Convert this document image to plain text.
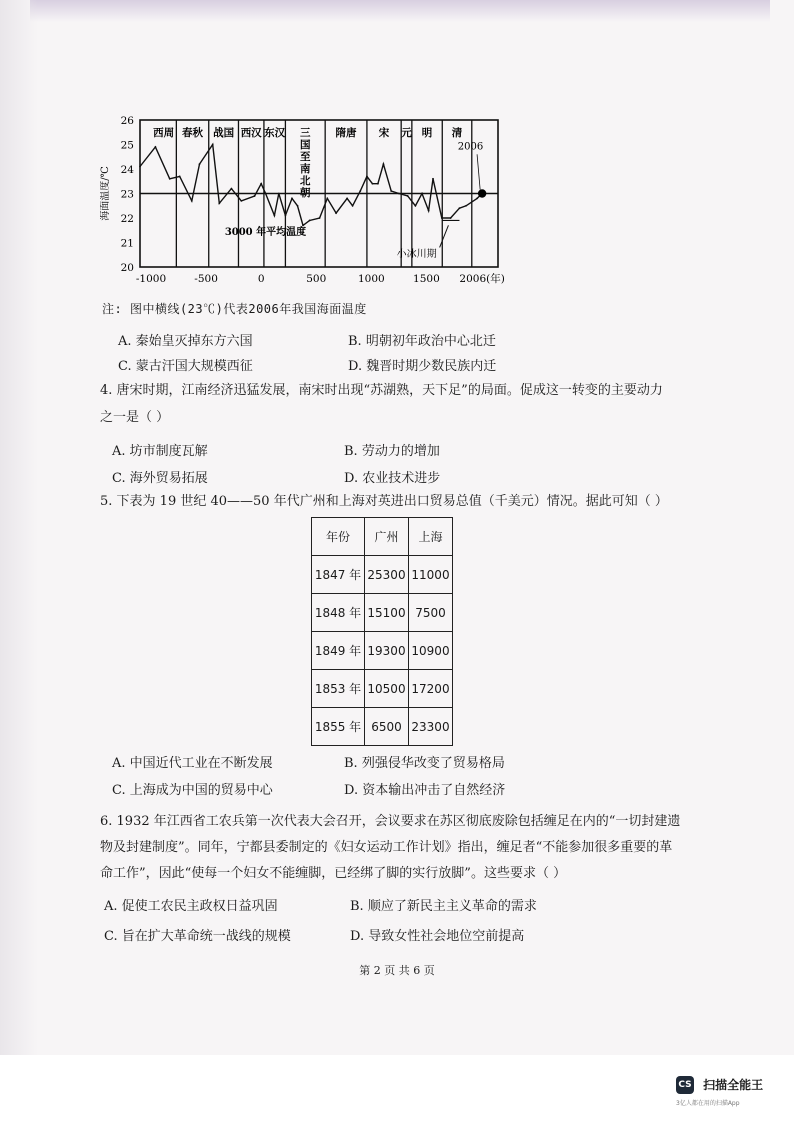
西周 春秋 战国 西汉 东汉 三
国
至
南
北
朝
隋唐 宋 元 明 清
2006
3000 年平均温度
小冰川期
26
25
24
23
22
21
20
-1000	-500	0	500	1000	1500 2006(年)
海面温度/℃
注: 图中横线(23℃)代表2006年我国海面温度
A. 秦始皇灭掉东方六国	B. 明朝初年政治中心北迁
C. 蒙古汗国大规模西征	D. 魏晋时期少数民族内迁
4. 唐宋时期，江南经济迅猛发展，南宋时出现“苏湖熟，天下足”的局面。促成这一转变的主要动力
之一是（ ）
A. 坊市制度瓦解	B. 劳动力的增加
C. 海外贸易拓展	D. 农业技术进步
5. 下表为 19 世纪 40——50 年代广州和上海对英进出口贸易总值（千美元）情况。据此可知（ ）
年份	广州	上海
1847 年	25300	11000
1848 年	15100	7500
1849 年	19300	10900
1853 年	10500	17200
1855 年	6500	23300
A. 中国近代工业在不断发展	B. 列强侵华改变了贸易格局
C. 上海成为中国的贸易中心	D. 资本输出冲击了自然经济
6. 1932 年江西省工农兵第一次代表大会召开，会议要求在苏区彻底废除包括缠足在内的“一切封建遗
物及封建制度”。同年，宁都县委制定的《妇女运动工作计划》指出，缠足者“不能参加很多重要的革
命工作”，因此“使每一个妇女不能缠脚，已经绑了脚的实行放脚”。这些要求（ ）
A. 促使工农民主政权日益巩固	B. 顺应了新民主主义革命的需求
C. 旨在扩大革命统一战线的规模	D. 导致女性社会地位空前提高
第 2 页 共 6 页
CS 扫描全能王
3亿人都在用的扫描App
